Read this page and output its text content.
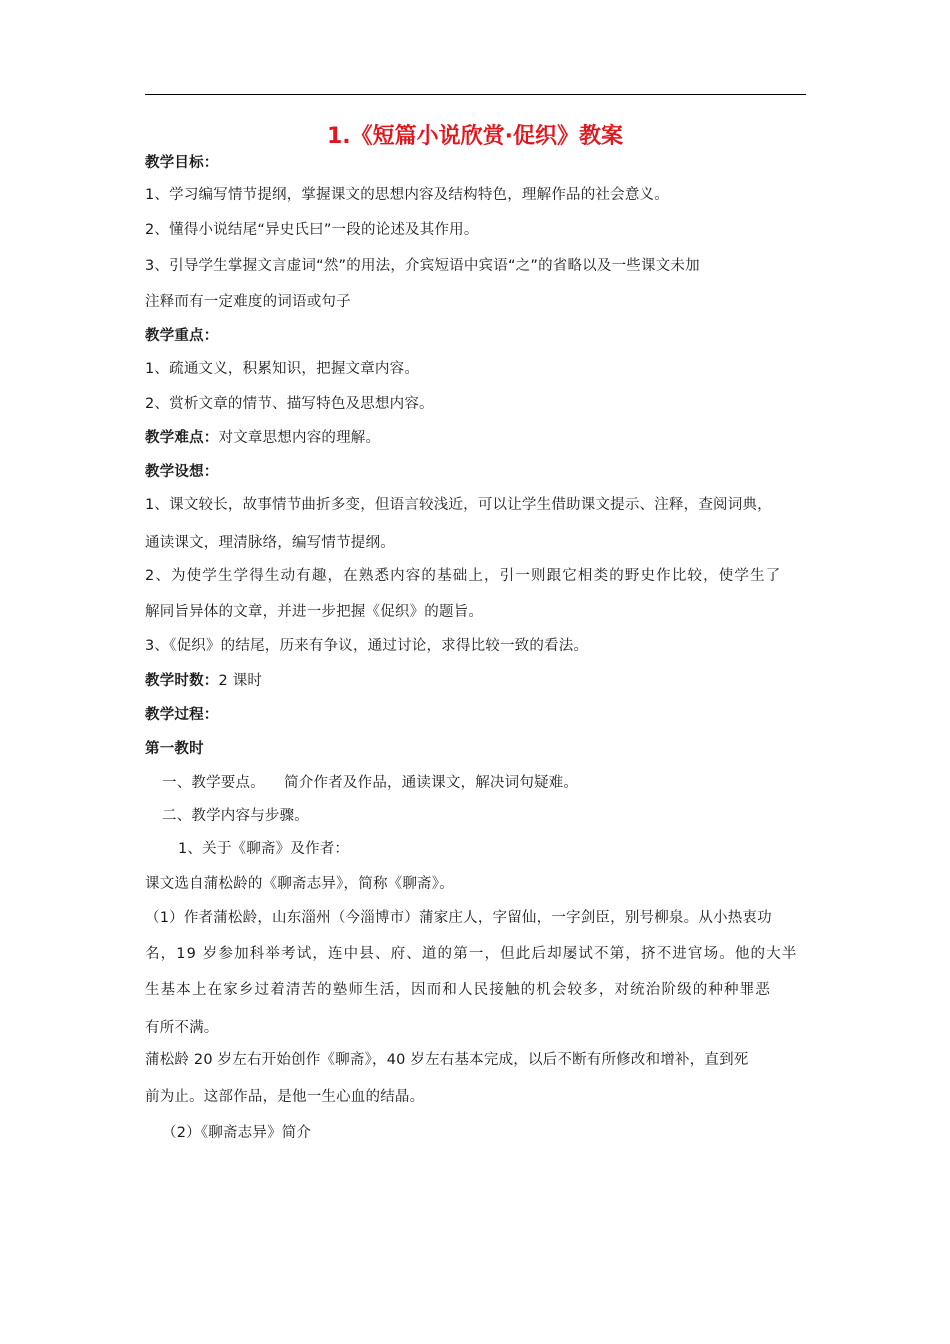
1.《短篇小说欣赏·促织》教案
教学目标：
1、学习编写情节提纲，掌握课文的思想内容及结构特色，理解作品的社会意义。
2、懂得小说结尾“异史氏曰”一段的论述及其作用。
3、引导学生掌握文言虚词“然”的用法，介宾短语中宾语“之”的省略以及一些课文未加
注释而有一定难度的词语或句子
教学重点：
1、疏通文义，积累知识，把握文章内容。
2、赏析文章的情节、描写特色及思想内容。
教学难点：对文章思想内容的理解。
教学设想：
1、课文较长，故事情节曲折多变，但语言较浅近，可以让学生借助课文提示、注释，查阅词典，
通读课文，理清脉络，编写情节提纲。
2、为使学生学得生动有趣，在熟悉内容的基础上，引一则跟它相类的野史作比较，使学生了
解同旨异体的文章，并进一步把握《促织》的题旨。
3、《促织》的结尾，历来有争议，通过讨论，求得比较一致的看法。
教学时数：2 课时
教学过程：
第一教时
一、教学要点。    简介作者及作品，通读课文，解决词句疑难。
二、教学内容与步骤。
1、关于《聊斋》及作者：
课文选自蒲松龄的《聊斋志异》，简称《聊斋》。
（1）作者蒲松龄，山东淄州（今淄博市）蒲家庄人，字留仙，一字剑臣，别号柳泉。从小热衷功
名，19 岁参加科举考试，连中县、府、道的第一，但此后却屡试不第，挤不进官场。他的大半
生基本上在家乡过着清苦的塾师生活，因而和人民接触的机会较多，对统治阶级的种种罪恶
有所不满。
蒲松龄 20 岁左右开始创作《聊斋》，40 岁左右基本完成，以后不断有所修改和增补，直到死
前为止。这部作品，是他一生心血的结晶。
（2）《聊斋志异》简介
